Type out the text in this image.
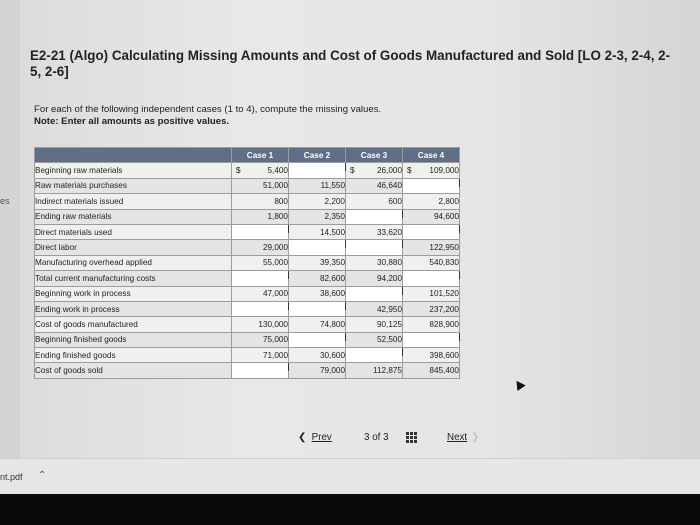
es
E2-21 (Algo) Calculating Missing Amounts and Cost of Goods Manufactured and Sold [LO 2-3, 2-4, 2-5, 2-6]
For each of the following independent cases (1 to 4), compute the missing values.
Note: Enter all amounts as positive values.
	Case 1	Case 2	Case 3	Case 4
Beginning raw materials	$ 5,400		$ 26,000	$ 109,000
Raw materials purchases	51,000	11,550	46,640	
Indirect materials issued	800	2,200	600	2,800
Ending raw materials	1,800	2,350		94,600
Direct materials used		14,500	33,620	
Direct labor	29,000			122,950
Manufacturing overhead applied	55,000	39,350	30,880	540,830
Total current manufacturing costs		82,600	94,200	
Beginning work in process	47,000	38,600		101,520
Ending work in process			42,950	237,200
Cost of goods manufactured	130,000	74,800	90,125	828,900
Beginning finished goods	75,000		52,500	
Ending finished goods	71,000	30,600		398,600
Cost of goods sold		79,000	112,875	845,400
❮ Prev	3 of 3	Next ❯
nt.pdf ⌃
